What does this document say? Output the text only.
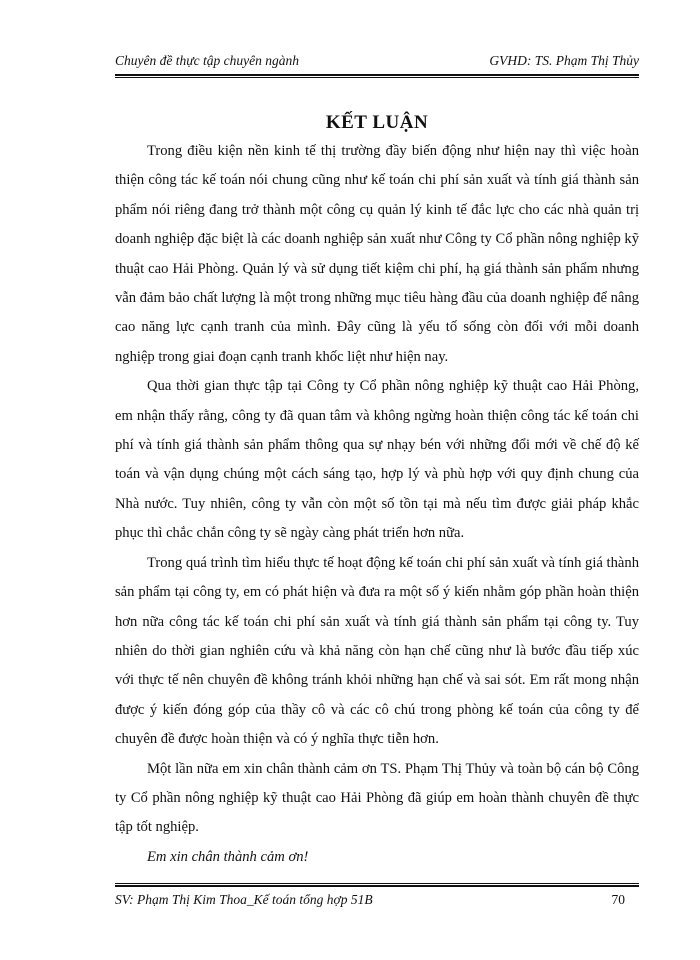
Chuyên đề thực tập chuyên ngành	GVHD: TS. Phạm Thị Thủy
KẾT LUẬN

Trong điều kiện nền kinh tế thị trường đầy biến động như hiện nay thì việc hoàn thiện công tác kế toán nói chung cũng như kế toán chi phí sản xuất và tính giá thành sản phẩm nói riêng đang trở thành một công cụ quản lý kinh tế đắc lực cho các nhà quản trị doanh nghiệp đặc biệt là các doanh nghiệp sản xuất như Công ty Cổ phần nông nghiệp kỹ thuật cao Hải Phòng. Quản lý và sử dụng tiết kiệm chi phí, hạ giá thành sản phẩm nhưng vẫn đảm bảo chất lượng là một trong những mục tiêu hàng đầu của doanh nghiệp để nâng cao năng lực cạnh tranh của mình. Đây cũng là yếu tố sống còn đối với mỗi doanh nghiệp trong giai đoạn cạnh tranh khốc liệt như hiện nay.

Qua thời gian thực tập tại Công ty Cổ phần nông nghiệp kỹ thuật cao Hải Phòng, em nhận thấy rằng, công ty đã quan tâm và không ngừng hoàn thiện công tác kế toán chi phí và tính giá thành sản phẩm thông qua sự nhạy bén với những đổi mới về chế độ kế toán và vận dụng chúng một cách sáng tạo, hợp lý và phù hợp với quy định chung của Nhà nước. Tuy nhiên, công ty vẫn còn một số tồn tại mà nếu tìm được giải pháp khắc phục thì chắc chắn công ty sẽ ngày càng phát triển hơn nữa.

Trong quá trình tìm hiểu thực tế hoạt động kế toán chi phí sản xuất và tính giá thành sản phẩm tại công ty, em có phát hiện và đưa ra một số ý kiến nhằm góp phần hoàn thiện hơn nữa công tác kế toán chi phí sản xuất và tính giá thành sản phẩm tại công ty. Tuy nhiên do thời gian nghiên cứu và khả năng còn hạn chế cũng như là bước đầu tiếp xúc với thực tế nên chuyên đề không tránh khỏi những hạn chế và sai sót. Em rất mong nhận được ý kiến đóng góp của thầy cô và các cô chú trong phòng kế toán của công ty để chuyên đề được hoàn thiện và có ý nghĩa thực tiễn hơn.

Một lần nữa em xin chân thành cảm ơn TS. Phạm Thị Thủy và toàn bộ cán bộ Công ty Cổ phần nông nghiệp kỹ thuật cao Hải Phòng đã giúp em hoàn thành chuyên đề thực tập tốt nghiệp.

Em xin chân thành cảm ơn!

SV: Phạm Thị Kim Thoa_Kế toán tổng hợp 51B	70
